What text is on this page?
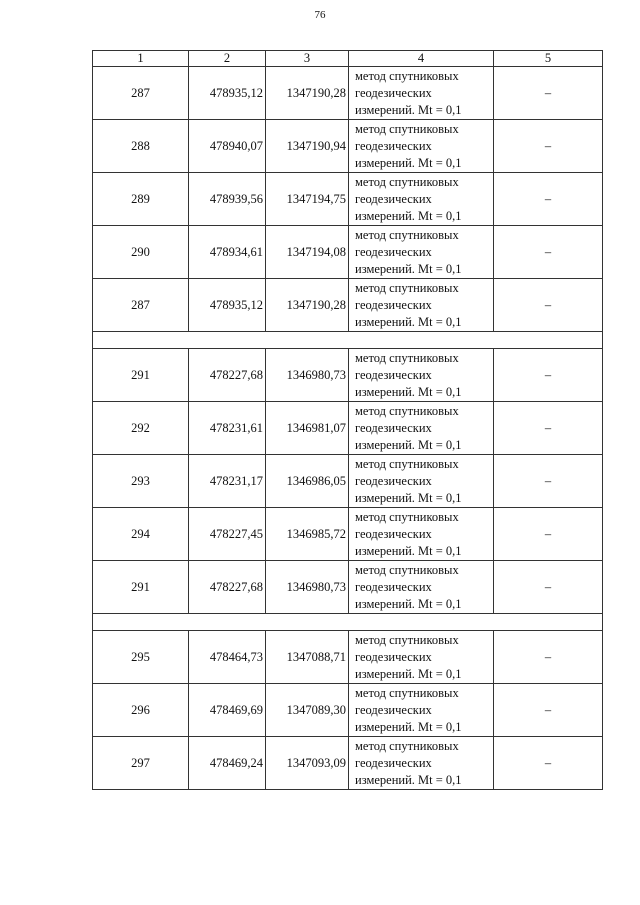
76
1	2	3	4	5
287	478935,12	1347190,28	метод спутниковых
геодезических
измерений. Mt = 0,1	–
288	478940,07	1347190,94	метод спутниковых
геодезических
измерений. Mt = 0,1	–
289	478939,56	1347194,75	метод спутниковых
геодезических
измерений. Mt = 0,1	–
290	478934,61	1347194,08	метод спутниковых
геодезических
измерений. Mt = 0,1	–
287	478935,12	1347190,28	метод спутниковых
геодезических
измерений. Mt = 0,1	–

291	478227,68	1346980,73	метод спутниковых
геодезических
измерений. Mt = 0,1	–
292	478231,61	1346981,07	метод спутниковых
геодезических
измерений. Mt = 0,1	–
293	478231,17	1346986,05	метод спутниковых
геодезических
измерений. Mt = 0,1	–
294	478227,45	1346985,72	метод спутниковых
геодезических
измерений. Mt = 0,1	–
291	478227,68	1346980,73	метод спутниковых
геодезических
измерений. Mt = 0,1	–

295	478464,73	1347088,71	метод спутниковых
геодезических
измерений. Mt = 0,1	–
296	478469,69	1347089,30	метод спутниковых
геодезических
измерений. Mt = 0,1	–
297	478469,24	1347093,09	метод спутниковых
геодезических
измерений. Mt = 0,1	–
